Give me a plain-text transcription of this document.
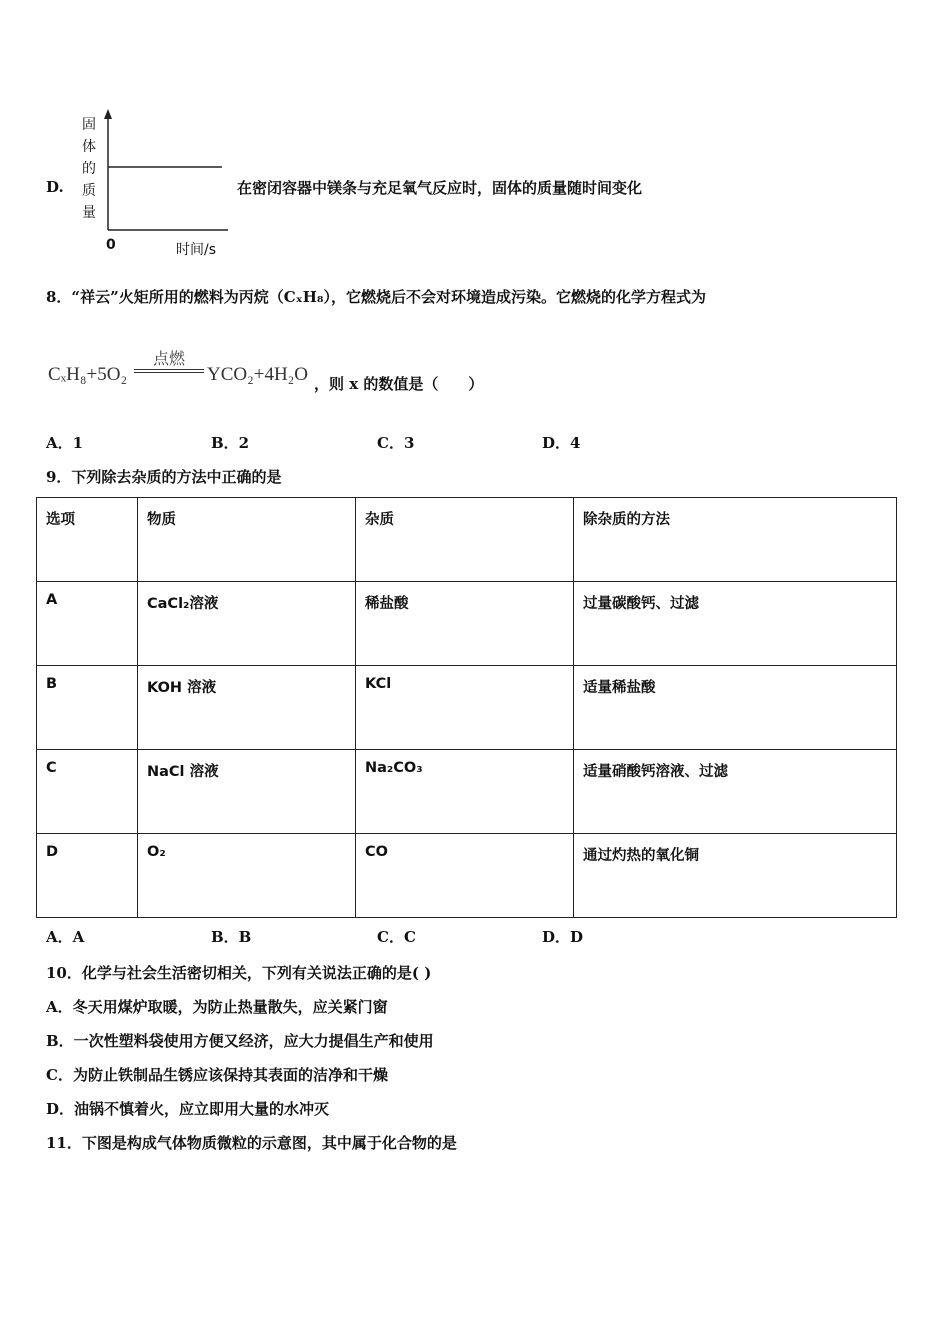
D.
固
体
的
质
量
0	时间/s
在密闭容器中镁条与充足氧气反应时，固体的质量随时间变化
8．“祥云”火矩所用的燃料为丙烷（CₓH₈），它燃烧后不会对环境造成污染。它燃烧的化学方程式为
CₓH₈+5O₂
点燃
YCO₂+4H₂O ，则 x 的数值是（　　）
A．1	B．2	C．3	D．4
9．下列除去杂质的方法中正确的是
选项	物质	杂质	除杂质的方法
A	CaCl₂溶液	稀盐酸	过量碳酸钙、过滤
B	KOH 溶液	KCl	适量稀盐酸
C	NaCl 溶液	Na₂CO₃	适量硝酸钙溶液、过滤
D	O₂	CO	通过灼热的氧化铜
A．A	B．B	C．C	D．D
10．化学与社会生活密切相关，下列有关说法正确的是( )
A．冬天用煤炉取暖，为防止热量散失，应关紧门窗
B．一次性塑料袋使用方便又经济，应大力提倡生产和使用
C．为防止铁制品生锈应该保持其表面的洁净和干燥
D．油锅不慎着火，应立即用大量的水冲灭
11．下图是构成气体物质微粒的示意图，其中属于化合物的是
